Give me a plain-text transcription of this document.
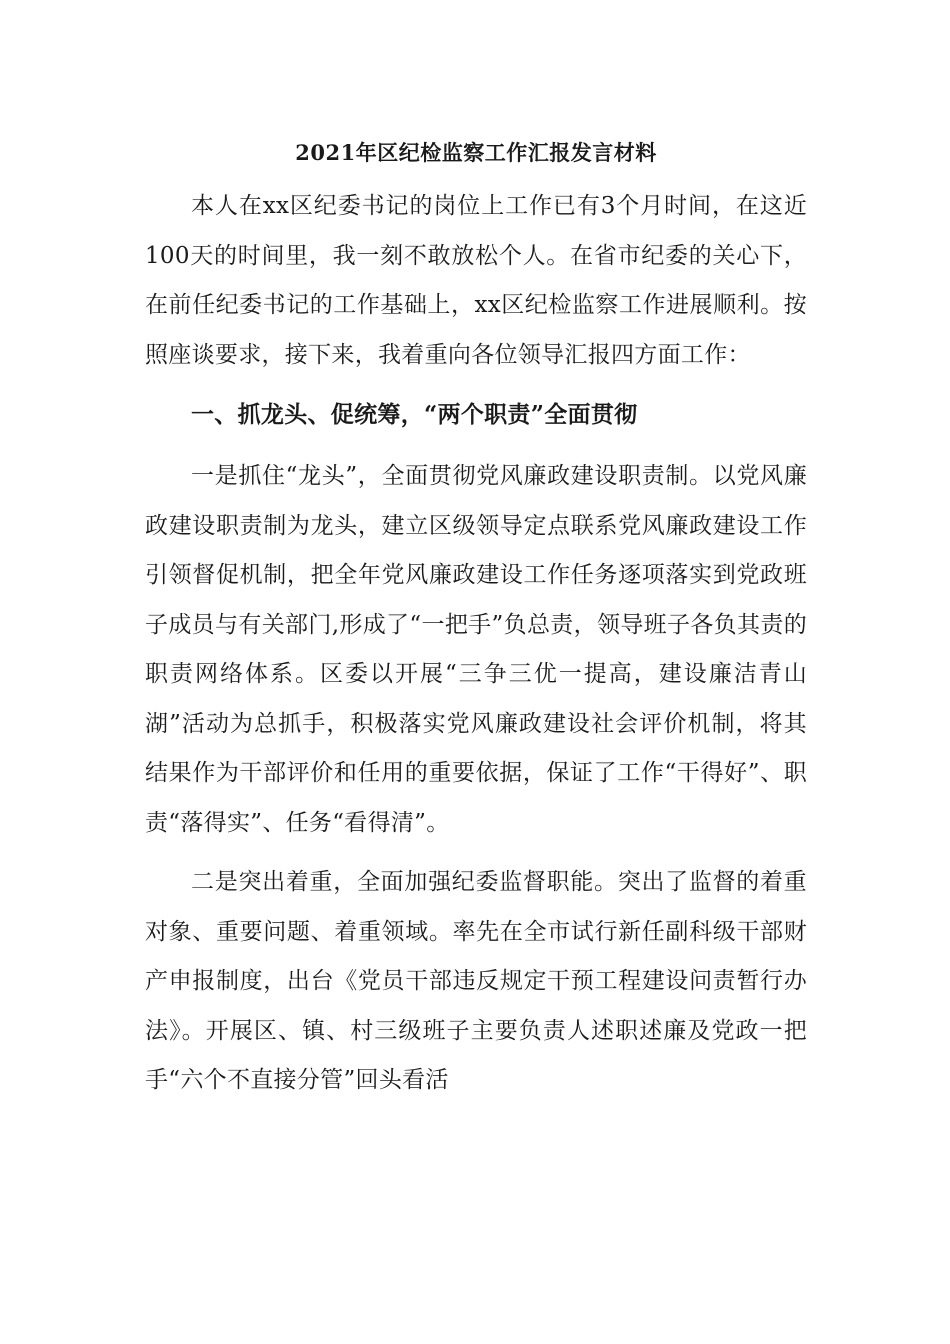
2021年区纪检监察工作汇报发言材料

本人在xx区纪委书记的岗位上工作已有3个月时间，在这近100天的时间里，我一刻不敢放松个人。在省市纪委的关心下，在前任纪委书记的工作基础上，xx区纪检监察工作进展顺利。按照座谈要求，接下来，我着重向各位领导汇报四方面工作：

一、抓龙头、促统筹，“两个职责”全面贯彻

一是抓住“龙头”，全面贯彻党风廉政建设职责制。以党风廉政建设职责制为龙头，建立区级领导定点联系党风廉政建设工作引领督促机制，把全年党风廉政建设工作任务逐项落实到党政班子成员与有关部门,形成了“一把手”负总责，领导班子各负其责的职责网络体系。区委以开展“三争三优一提高，建设廉洁青山湖”活动为总抓手，积极落实党风廉政建设社会评价机制，将其结果作为干部评价和任用的重要依据，保证了工作“干得好”、职责“落得实”、任务“看得清”。

二是突出着重，全面加强纪委监督职能。突出了监督的着重对象、重要问题、着重领域。率先在全市试行新任副科级干部财产申报制度，出台《党员干部违反规定干预工程建设问责暂行办法》。开展区、镇、村三级班子主要负责人述职述廉及党政一把手“六个不直接分管”回头看活
